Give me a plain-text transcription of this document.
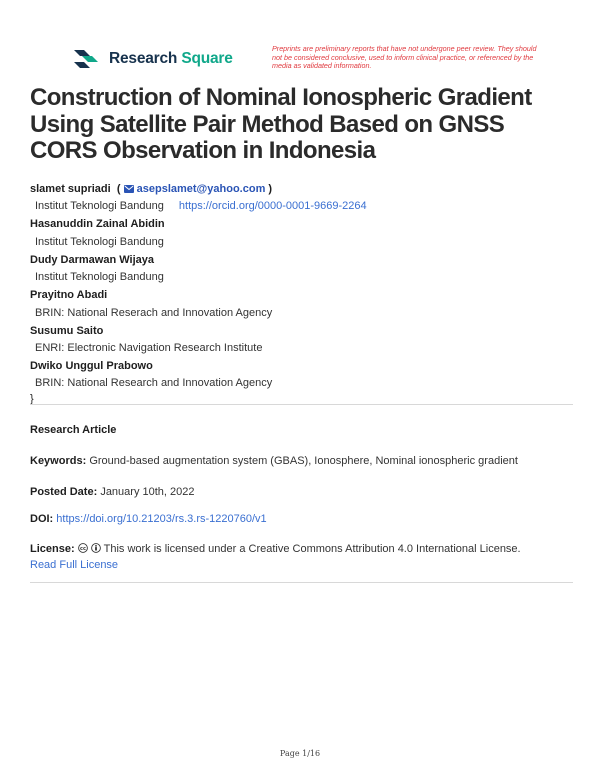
Research Square
Preprints are preliminary reports that have not undergone peer review. They should not be considered conclusive, used to inform clinical practice, or referenced by the media as validated information.
Construction of Nominal Ionospheric Gradient Using Satellite Pair Method Based on GNSS CORS Observation in Indonesia
slamet supriadi (  asepslamet@yahoo.com )
Institut Teknologi Bandung https://orcid.org/0000-0001-9669-2264
Hasanuddin Zainal Abidin
Institut Teknologi Bandung
Dudy Darmawan Wijaya
Institut Teknologi Bandung
Prayitno Abadi
BRIN: National Reserach and Innovation Agency
Susumu Saito
ENRI: Electronic Navigation Research Institute
Dwiko Unggul Prabowo
BRIN: National Research and Innovation Agency
}
Research Article
Keywords: Ground-based augmentation system (GBAS), Ionosphere, Nominal ionospheric gradient
Posted Date: January 10th, 2022
DOI: https://doi.org/10.21203/rs.3.rs-1220760/v1
License: cc This work is licensed under a Creative Commons Attribution 4.0 International License.
Read Full License
Page 1/16
